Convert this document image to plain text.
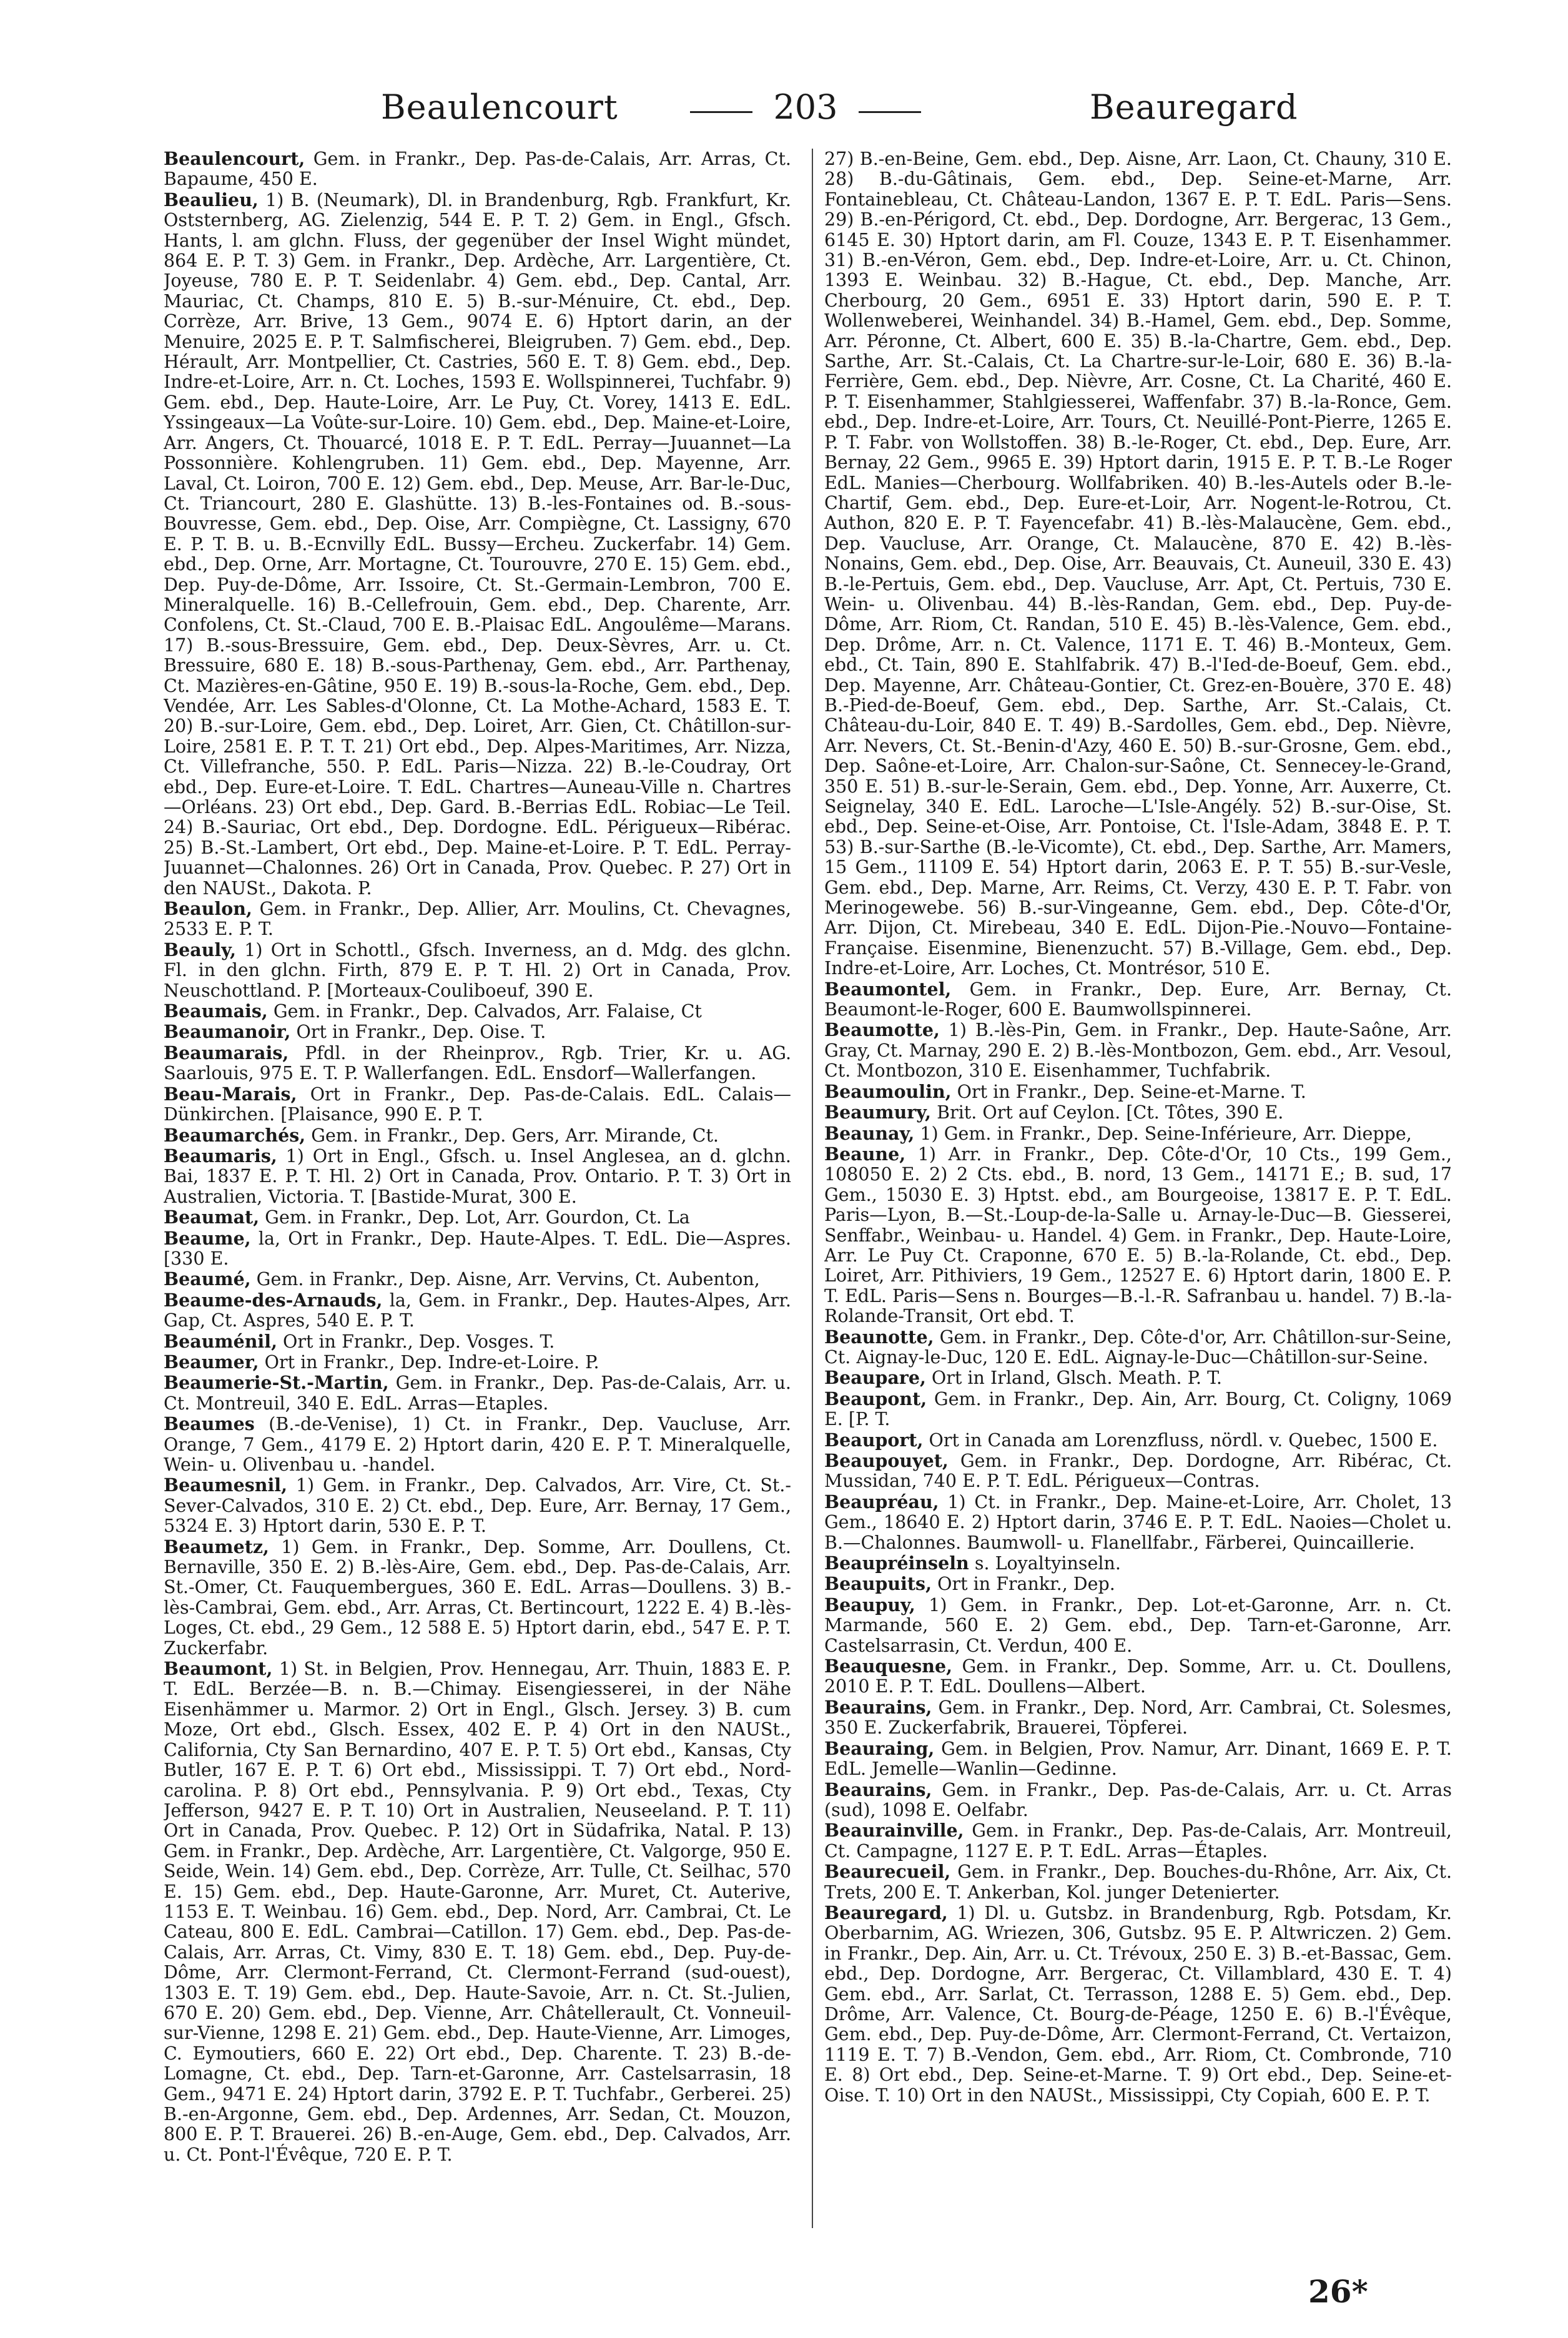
Beaulencourt	203	Beauregard

Beaulencourt, Gem. in Frankr., Dep. Pas-de-Calais, Arr. Arras, Ct. Bapaume, 450 E.

Beaulieu, 1) B. (Neumark), Dl. in Brandenburg, Rgb. Frankfurt, Kr. Oststernberg, AG. Zielenzig, 544 E. P. T. 2) Gem. in Engl., Gfsch. Hants, l. am glchn. Fluss, der gegenüber der Insel Wight mündet, 864 E. P. T. 3) Gem. in Frankr., Dep. Ardèche, Arr. Largentière, Ct. Joyeuse, 780 E. P. T. Seidenlabr. 4) Gem. ebd., Dep. Cantal, Arr. Mauriac, Ct. Champs, 810 E. 5) B.-sur-Ménuire, Ct. ebd., Dep. Corrèze, Arr. Brive, 13 Gem., 9074 E. 6) Hptort darin, an der Menuire, 2025 E. P. T. Salmfischerei, Bleigruben. 7) Gem. ebd., Dep. Hérault, Arr. Montpellier, Ct. Castries, 560 E. T. 8) Gem. ebd., Dep. Indre-et-Loire, Arr. n. Ct. Loches, 1593 E. Wollspinnerei, Tuchfabr. 9) Gem. ebd., Dep. Haute-Loire, Arr. Le Puy, Ct. Vorey, 1413 E. EdL. Yssingeaux—La Voûte-sur-Loire. 10) Gem. ebd., Dep. Maine-et-Loire, Arr. Angers, Ct. Thouarcé, 1018 E. P. T. EdL. Perray—Juuannet—La Possonnière. Kohlengruben. 11) Gem. ebd., Dep. Mayenne, Arr. Laval, Ct. Loiron, 700 E. 12) Gem. ebd., Dep. Meuse, Arr. Bar-le-Duc, Ct. Triancourt, 280 E. Glashütte. 13) B.-les-Fontaines od. B.-sous-Bouvresse, Gem. ebd., Dep. Oise, Arr. Compiègne, Ct. Lassigny, 670 E. P. T. B. u. B.-Ecnvilly EdL. Bussy—Ercheu. Zuckerfabr. 14) Gem. ebd., Dep. Orne, Arr. Mortagne, Ct. Tourouvre, 270 E. 15) Gem. ebd., Dep. Puy-de-Dôme, Arr. Issoire, Ct. St.-Germain-Lembron, 700 E. Mineralquelle. 16) B.-Cellefrouin, Gem. ebd., Dep. Charente, Arr. Confolens, Ct. St.-Claud, 700 E. B.-Plaisac EdL. Angoulême—Marans. 17) B.-sous-Bressuire, Gem. ebd., Dep. Deux-Sèvres, Arr. u. Ct. Bressuire, 680 E. 18) B.-sous-Parthenay, Gem. ebd., Arr. Parthenay, Ct. Mazières-en-Gâtine, 950 E. 19) B.-sous-la-Roche, Gem. ebd., Dep. Vendée, Arr. Les Sables-d'Olonne, Ct. La Mothe-Achard, 1583 E. T. 20) B.-sur-Loire, Gem. ebd., Dep. Loiret, Arr. Gien, Ct. Châtillon-sur-Loire, 2581 E. P. T. T. 21) Ort ebd., Dep. Alpes-Maritimes, Arr. Nizza, Ct. Villefranche, 550. P. EdL. Paris—Nizza. 22) B.-le-Coudray, Ort ebd., Dep. Eure-et-Loire. T. EdL. Chartres—Auneau-Ville n. Chartres—Orléans. 23) Ort ebd., Dep. Gard. B.-Berrias EdL. Robiac—Le Teil. 24) B.-Sauriac, Ort ebd., Dep. Dordogne. EdL. Périgueux—Ribérac. 25) B.-St.-Lambert, Ort ebd., Dep. Maine-et-Loire. P. T. EdL. Perray-Juuannet—Chalonnes. 26) Ort in Canada, Prov. Quebec. P. 27) Ort in den NAUSt., Dakota. P.

Beaulon, Gem. in Frankr., Dep. Allier, Arr. Moulins, Ct. Chevagnes, 2533 E. P. T.

Beauly, 1) Ort in Schottl., Gfsch. Inverness, an d. Mdg. des glchn. Fl. in den glchn. Firth, 879 E. P. T. Hl. 2) Ort in Canada, Prov. Neuschottland. P. [Morteaux-Couliboeuf, 390 E.

Beaumais, Gem. in Frankr., Dep. Calvados, Arr. Falaise, Ct

Beaumanoir, Ort in Frankr., Dep. Oise. T.

Beaumarais, Pfdl. in der Rheinprov., Rgb. Trier, Kr. u. AG. Saarlouis, 975 E. T. P. Wallerfangen. EdL. Ensdorf—Wallerfangen.

Beau-Marais, Ort in Frankr., Dep. Pas-de-Calais. EdL. Calais—Dünkirchen. [Plaisance, 990 E. P. T.

Beaumarchés, Gem. in Frankr., Dep. Gers, Arr. Mirande, Ct.

Beaumaris, 1) Ort in Engl., Gfsch. u. Insel Anglesea, an d. glchn. Bai, 1837 E. P. T. Hl. 2) Ort in Canada, Prov. Ontario. P. T. 3) Ort in Australien, Victoria. T. [Bastide-Murat, 300 E.

Beaumat, Gem. in Frankr., Dep. Lot, Arr. Gourdon, Ct. La

Beaume, la, Ort in Frankr., Dep. Haute-Alpes. T. EdL. Die—Aspres. [330 E.

Beaumé, Gem. in Frankr., Dep. Aisne, Arr. Vervins, Ct. Aubenton,

Beaume-des-Arnauds, la, Gem. in Frankr., Dep. Hautes-Alpes, Arr. Gap, Ct. Aspres, 540 E. P. T.

Beauménil, Ort in Frankr., Dep. Vosges. T.

Beaumer, Ort in Frankr., Dep. Indre-et-Loire. P.

Beaumerie-St.-Martin, Gem. in Frankr., Dep. Pas-de-Calais, Arr. u. Ct. Montreuil, 340 E. EdL. Arras—Etaples.

Beaumes (B.-de-Venise), 1) Ct. in Frankr., Dep. Vaucluse, Arr. Orange, 7 Gem., 4179 E. 2) Hptort darin, 420 E. P. T. Mineralquelle, Wein- u. Olivenbau u. -handel.

Beaumesnil, 1) Gem. in Frankr., Dep. Calvados, Arr. Vire, Ct. St.-Sever-Calvados, 310 E. 2) Ct. ebd., Dep. Eure, Arr. Bernay, 17 Gem., 5324 E. 3) Hptort darin, 530 E. P. T.

Beaumetz, 1) Gem. in Frankr., Dep. Somme, Arr. Doullens, Ct. Bernaville, 350 E. 2) B.-lès-Aire, Gem. ebd., Dep. Pas-de-Calais, Arr. St.-Omer, Ct. Fauquembergues, 360 E. EdL. Arras—Doullens. 3) B.-lès-Cambrai, Gem. ebd., Arr. Arras, Ct. Bertincourt, 1222 E. 4) B.-lès-Loges, Ct. ebd., 29 Gem., 12 588 E. 5) Hptort darin, ebd., 547 E. P. T. Zuckerfabr.

Beaumont, 1) St. in Belgien, Prov. Hennegau, Arr. Thuin, 1883 E. P. T. EdL. Berzée—B. n. B.—Chimay. Eisengiesserei, in der Nähe Eisenhämmer u. Marmor. 2) Ort in Engl., Glsch. Jersey. 3) B. cum Moze, Ort ebd., Glsch. Essex, 402 E. P. 4) Ort in den NAUSt., California, Cty San Bernardino, 407 E. P. T. 5) Ort ebd., Kansas, Cty Butler, 167 E. P. T. 6) Ort ebd., Mississippi. T. 7) Ort ebd., Nord-carolina. P. 8) Ort ebd., Pennsylvania. P. 9) Ort ebd., Texas, Cty Jefferson, 9427 E. P. T. 10) Ort in Australien, Neuseeland. P. T. 11) Ort in Canada, Prov. Quebec. P. 12) Ort in Südafrika, Natal. P. 13) Gem. in Frankr., Dep. Ardèche, Arr. Largentière, Ct. Valgorge, 950 E. Seide, Wein. 14) Gem. ebd., Dep. Corrèze, Arr. Tulle, Ct. Seilhac, 570 E. 15) Gem. ebd., Dep. Haute-Garonne, Arr. Muret, Ct. Auterive, 1153 E. T. Weinbau. 16) Gem. ebd., Dep. Nord, Arr. Cambrai, Ct. Le Cateau, 800 E. EdL. Cambrai—Catillon. 17) Gem. ebd., Dep. Pas-de-Calais, Arr. Arras, Ct. Vimy, 830 E. T. 18) Gem. ebd., Dep. Puy-de-Dôme, Arr. Clermont-Ferrand, Ct. Clermont-Ferrand (sud-ouest), 1303 E. T. 19) Gem. ebd., Dep. Haute-Savoie, Arr. n. Ct. St.-Julien, 670 E. 20) Gem. ebd., Dep. Vienne, Arr. Châtellerault, Ct. Vonneuil-sur-Vienne, 1298 E. 21) Gem. ebd., Dep. Haute-Vienne, Arr. Limoges, C. Eymoutiers, 660 E. 22) Ort ebd., Dep. Charente. T. 23) B.-de-Lomagne, Ct. ebd., Dep. Tarn-et-Garonne, Arr. Castelsarrasin, 18 Gem., 9471 E. 24) Hptort darin, 3792 E. P. T. Tuchfabr., Gerberei. 25) B.-en-Argonne, Gem. ebd., Dep. Ardennes, Arr. Sedan, Ct. Mouzon, 800 E. P. T. Brauerei. 26) B.-en-Auge, Gem. ebd., Dep. Calvados, Arr. u. Ct. Pont-l'Évêque, 720 E. P. T.

27) B.-en-Beine, Gem. ebd., Dep. Aisne, Arr. Laon, Ct. Chauny, 310 E. 28) B.-du-Gâtinais, Gem. ebd., Dep. Seine-et-Marne, Arr. Fontainebleau, Ct. Château-Landon, 1367 E. P. T. EdL. Paris—Sens. 29) B.-en-Périgord, Ct. ebd., Dep. Dordogne, Arr. Bergerac, 13 Gem., 6145 E. 30) Hptort darin, am Fl. Couze, 1343 E. P. T. Eisenhammer. 31) B.-en-Véron, Gem. ebd., Dep. Indre-et-Loire, Arr. u. Ct. Chinon, 1393 E. Weinbau. 32) B.-Hague, Ct. ebd., Dep. Manche, Arr. Cherbourg, 20 Gem., 6951 E. 33) Hptort darin, 590 E. P. T. Wollenweberei, Weinhandel. 34) B.-Hamel, Gem. ebd., Dep. Somme, Arr. Péronne, Ct. Albert, 600 E. 35) B.-la-Chartre, Gem. ebd., Dep. Sarthe, Arr. St.-Calais, Ct. La Chartre-sur-le-Loir, 680 E. 36) B.-la-Ferrière, Gem. ebd., Dep. Nièvre, Arr. Cosne, Ct. La Charité, 460 E. P. T. Eisenhammer, Stahlgiesserei, Waffenfabr. 37) B.-la-Ronce, Gem. ebd., Dep. Indre-et-Loire, Arr. Tours, Ct. Neuillé-Pont-Pierre, 1265 E. P. T. Fabr. von Wollstoffen. 38) B.-le-Roger, Ct. ebd., Dep. Eure, Arr. Bernay, 22 Gem., 9965 E. 39) Hptort darin, 1915 E. P. T. B.-Le Roger EdL. Manies—Cherbourg. Wollfabriken. 40) B.-les-Autels oder B.-le-Chartif, Gem. ebd., Dep. Eure-et-Loir, Arr. Nogent-le-Rotrou, Ct. Authon, 820 E. P. T. Fayencefabr. 41) B.-lès-Malaucène, Gem. ebd., Dep. Vaucluse, Arr. Orange, Ct. Malaucène, 870 E. 42) B.-lès-Nonains, Gem. ebd., Dep. Oise, Arr. Beauvais, Ct. Auneuil, 330 E. 43) B.-le-Pertuis, Gem. ebd., Dep. Vaucluse, Arr. Apt, Ct. Pertuis, 730 E. Wein- u. Olivenbau. 44) B.-lès-Randan, Gem. ebd., Dep. Puy-de-Dôme, Arr. Riom, Ct. Randan, 510 E. 45) B.-lès-Valence, Gem. ebd., Dep. Drôme, Arr. n. Ct. Valence, 1171 E. T. 46) B.-Monteux, Gem. ebd., Ct. Tain, 890 E. Stahlfabrik. 47) B.-l'Ied-de-Boeuf, Gem. ebd., Dep. Mayenne, Arr. Château-Gontier, Ct. Grez-en-Bouère, 370 E. 48) B.-Pied-de-Boeuf, Gem. ebd., Dep. Sarthe, Arr. St.-Calais, Ct. Château-du-Loir, 840 E. T. 49) B.-Sardolles, Gem. ebd., Dep. Nièvre, Arr. Nevers, Ct. St.-Benin-d'Azy, 460 E. 50) B.-sur-Grosne, Gem. ebd., Dep. Saône-et-Loire, Arr. Chalon-sur-Saône, Ct. Sennecey-le-Grand, 350 E. 51) B.-sur-le-Serain, Gem. ebd., Dep. Yonne, Arr. Auxerre, Ct. Seignelay, 340 E. EdL. Laroche—L'Isle-Angély. 52) B.-sur-Oise, St. ebd., Dep. Seine-et-Oise, Arr. Pontoise, Ct. l'Isle-Adam, 3848 E. P. T. 53) B.-sur-Sarthe (B.-le-Vicomte), Ct. ebd., Dep. Sarthe, Arr. Mamers, 15 Gem., 11109 E. 54) Hptort darin, 2063 E. P. T. 55) B.-sur-Vesle, Gem. ebd., Dep. Marne, Arr. Reims, Ct. Verzy, 430 E. P. T. Fabr. von Merinogewebe. 56) B.-sur-Vingeanne, Gem. ebd., Dep. Côte-d'Or, Arr. Dijon, Ct. Mirebeau, 340 E. EdL. Dijon-Pie.-Nouvo—Fontaine-Française. Eisenmine, Bienenzucht. 57) B.-Village, Gem. ebd., Dep. Indre-et-Loire, Arr. Loches, Ct. Montrésor, 510 E.

Beaumontel, Gem. in Frankr., Dep. Eure, Arr. Bernay, Ct. Beaumont-le-Roger, 600 E. Baumwollspinnerei.

Beaumotte, 1) B.-lès-Pin, Gem. in Frankr., Dep. Haute-Saône, Arr. Gray, Ct. Marnay, 290 E. 2) B.-lès-Montbozon, Gem. ebd., Arr. Vesoul, Ct. Montbozon, 310 E. Eisenhammer, Tuchfabrik.

Beaumoulin, Ort in Frankr., Dep. Seine-et-Marne. T.

Beaumury, Brit. Ort auf Ceylon. [Ct. Tôtes, 390 E.

Beaunay, 1) Gem. in Frankr., Dep. Seine-Inférieure, Arr. Dieppe,

Beaune, 1) Arr. in Frankr., Dep. Côte-d'Or, 10 Cts., 199 Gem., 108050 E. 2) 2 Cts. ebd., B. nord, 13 Gem., 14171 E.; B. sud, 17 Gem., 15030 E. 3) Hptst. ebd., am Bourgeoise, 13817 E. P. T. EdL. Paris—Lyon, B.—St.-Loup-de-la-Salle u. Arnay-le-Duc—B. Giesserei, Senffabr., Weinbau- u. Handel. 4) Gem. in Frankr., Dep. Haute-Loire, Arr. Le Puy Ct. Craponne, 670 E. 5) B.-la-Rolande, Ct. ebd., Dep. Loiret, Arr. Pithiviers, 19 Gem., 12527 E. 6) Hptort darin, 1800 E. P. T. EdL. Paris—Sens n. Bourges—B.-l.-R. Safranbau u. handel. 7) B.-la-Rolande-Transit, Ort ebd. T.

Beaunotte, Gem. in Frankr., Dep. Côte-d'or, Arr. Châtillon-sur-Seine, Ct. Aignay-le-Duc, 120 E. EdL. Aignay-le-Duc—Châtillon-sur-Seine.

Beaupare, Ort in Irland, Glsch. Meath. P. T.

Beaupont, Gem. in Frankr., Dep. Ain, Arr. Bourg, Ct. Coligny, 1069 E. [P. T.

Beauport, Ort in Canada am Lorenzfluss, nördl. v. Quebec, 1500 E.

Beaupouyet, Gem. in Frankr., Dep. Dordogne, Arr. Ribérac, Ct. Mussidan, 740 E. P. T. EdL. Périgueux—Contras.

Beaupréau, 1) Ct. in Frankr., Dep. Maine-et-Loire, Arr. Cholet, 13 Gem., 18640 E. 2) Hptort darin, 3746 E. P. T. EdL. Naoies—Cholet u. B.—Chalonnes. Baumwoll- u. Flanellfabr., Färberei, Quincaillerie.

Beaupréinseln s. Loyaltyinseln.

Beaupuits, Ort in Frankr., Dep.

Beaupuy, 1) Gem. in Frankr., Dep. Lot-et-Garonne, Arr. n. Ct. Marmande, 560 E. 2) Gem. ebd., Dep. Tarn-et-Garonne, Arr. Castelsarrasin, Ct. Verdun, 400 E.

Beauquesne, Gem. in Frankr., Dep. Somme, Arr. u. Ct. Doullens, 2010 E. P. T. EdL. Doullens—Albert.

Beaurains, Gem. in Frankr., Dep. Nord, Arr. Cambrai, Ct. Solesmes, 350 E. Zuckerfabrik, Brauerei, Töpferei.

Beauraing, Gem. in Belgien, Prov. Namur, Arr. Dinant, 1669 E. P. T. EdL. Jemelle—Wanlin—Gedinne.

Beaurains, Gem. in Frankr., Dep. Pas-de-Calais, Arr. u. Ct. Arras (sud), 1098 E. Oelfabr.

Beaurainville, Gem. in Frankr., Dep. Pas-de-Calais, Arr. Montreuil, Ct. Campagne, 1127 E. P. T. EdL. Arras—Étaples.

Beaurecueil, Gem. in Frankr., Dep. Bouches-du-Rhône, Arr. Aix, Ct. Trets, 200 E. T. Ankerban, Kol. junger Detenierter.

Beauregard, 1) Dl. u. Gutsbz. in Brandenburg, Rgb. Potsdam, Kr. Oberbarnim, AG. Wriezen, 306, Gutsbz. 95 E. P. Altwriczen. 2) Gem. in Frankr., Dep. Ain, Arr. u. Ct. Trévoux, 250 E. 3) B.-et-Bassac, Gem. ebd., Dep. Dordogne, Arr. Bergerac, Ct. Villamblard, 430 E. T. 4) Gem. ebd., Arr. Sarlat, Ct. Terrasson, 1288 E. 5) Gem. ebd., Dep. Drôme, Arr. Valence, Ct. Bourg-de-Péage, 1250 E. 6) B.-l'Évêque, Gem. ebd., Dep. Puy-de-Dôme, Arr. Clermont-Ferrand, Ct. Vertaizon, 1119 E. T. 7) B.-Vendon, Gem. ebd., Arr. Riom, Ct. Combronde, 710 E. 8) Ort ebd., Dep. Seine-et-Marne. T. 9) Ort ebd., Dep. Seine-et-Oise. T. 10) Ort in den NAUSt., Mississippi, Cty Copiah, 600 E. P. T.

26*
